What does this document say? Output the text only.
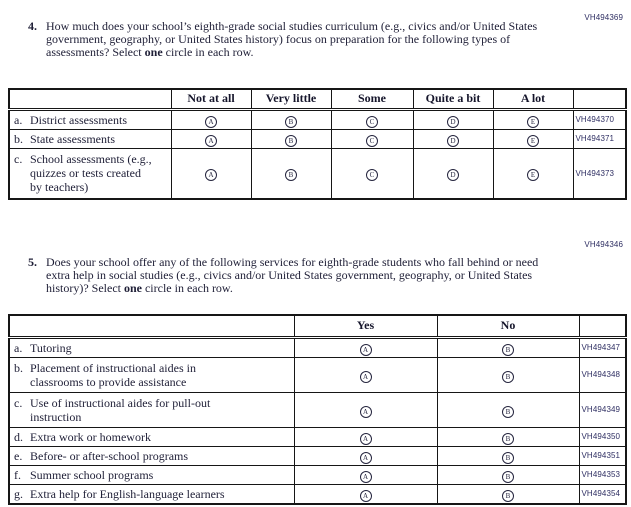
VH494369
4. How much does your school’s eighth-grade social studies curriculum (e.g., civics and/or United States government, geography, or United States history) focus on preparation for the following types of assessments? Select one circle in each row.
	Not at all	Very little	Some	Quite a bit	A lot	

a. District assessments	A	B	C	D	E	VH494370

b. State assessments	A	B	C	D	E	VH494371

c. School assessments (e.g., quizzes or tests created by teachers)	A	B	C	D	E	VH494373
VH494346
5. Does your school offer any of the following services for eighth-grade students who fall behind or need extra help in social studies (e.g., civics and/or United States government, geography, or United States history)? Select one circle in each row.
	Yes	No	

a. Tutoring	A	B	VH494347

b. Placement of instructional aides in classrooms to provide assistance	A	B	VH494348

c. Use of instructional aides for pull-out instruction	A	B	VH494349

d. Extra work or homework	A	B	VH494350

e. Before- or after-school programs	A	B	VH494351

f. Summer school programs	A	B	VH494353

g. Extra help for English-language learners	A	B	VH494354
